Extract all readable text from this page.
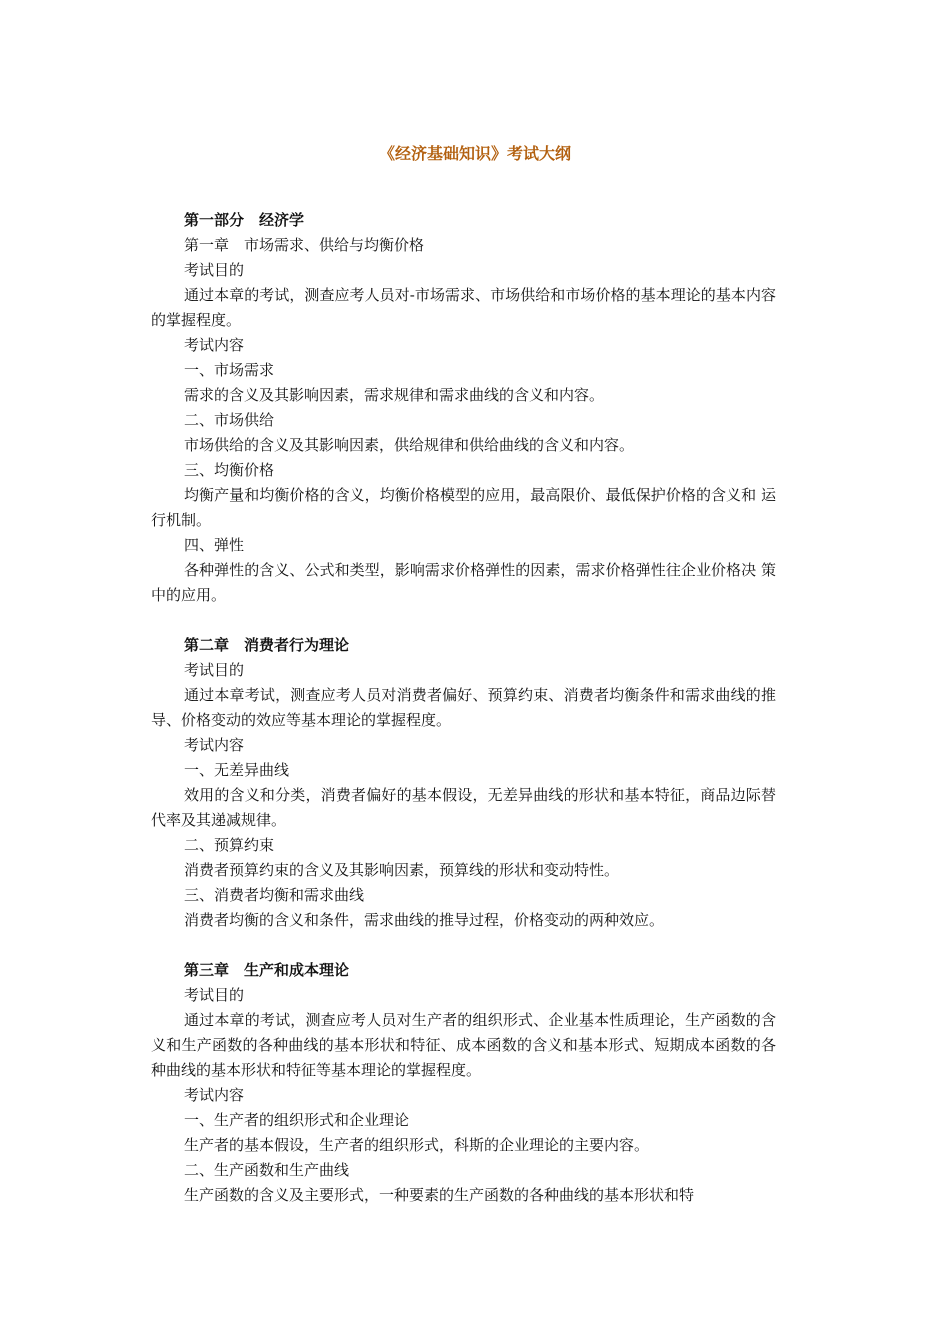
《经济基础知识》考试大纲

第一部分　经济学

第一章　市场需求、供给与均衡价格

考试目的

通过本章的考试，测查应考人员对-市场需求、市场供给和市场价格的基本理论的基本内容的掌握程度。

考试内容

一、市场需求

需求的含义及其影响因素，需求规律和需求曲线的含义和内容。

二、市场供给

市场供给的含义及其影响因素，供给规律和供给曲线的含义和内容。

三、均衡价格

均衡产量和均衡价格的含义，均衡价格模型的应用，最高限价、最低保护价格的含义和 运行机制。

四、弹性

各种弹性的含义、公式和类型，影响需求价格弹性的因素，需求价格弹性往企业价格决 策中的应用。

第二章　消费者行为理论

考试目的

通过本章考试，测查应考人员对消费者偏好、预算约束、消费者均衡条件和需求曲线的推导、价格变动的效应等基本理论的掌握程度。

考试内容

一、无差异曲线

效用的含义和分类，消费者偏好的基本假设，无差异曲线的形状和基本特征，商品边际替代率及其递减规律。

二、预算约束

消费者预算约束的含义及其影响因素，预算线的形状和变动特性。

三、消费者均衡和需求曲线

消费者均衡的含义和条件，需求曲线的推导过程，价格变动的两种效应。

第三章　生产和成本理论

考试目的

通过本章的考试，测查应考人员对生产者的组织形式、企业基本性质理论，生产函数的含义和生产函数的各种曲线的基本形状和特征、成本函数的含义和基本形式、短期成本函数的各种曲线的基本形状和特征等基本理论的掌握程度。

考试内容

一、生产者的组织形式和企业理论

生产者的基本假设，生产者的组织形式，科斯的企业理论的主要内容。

二、生产函数和生产曲线

生产函数的含义及主要形式，一种要素的生产函数的各种曲线的基本形状和特
